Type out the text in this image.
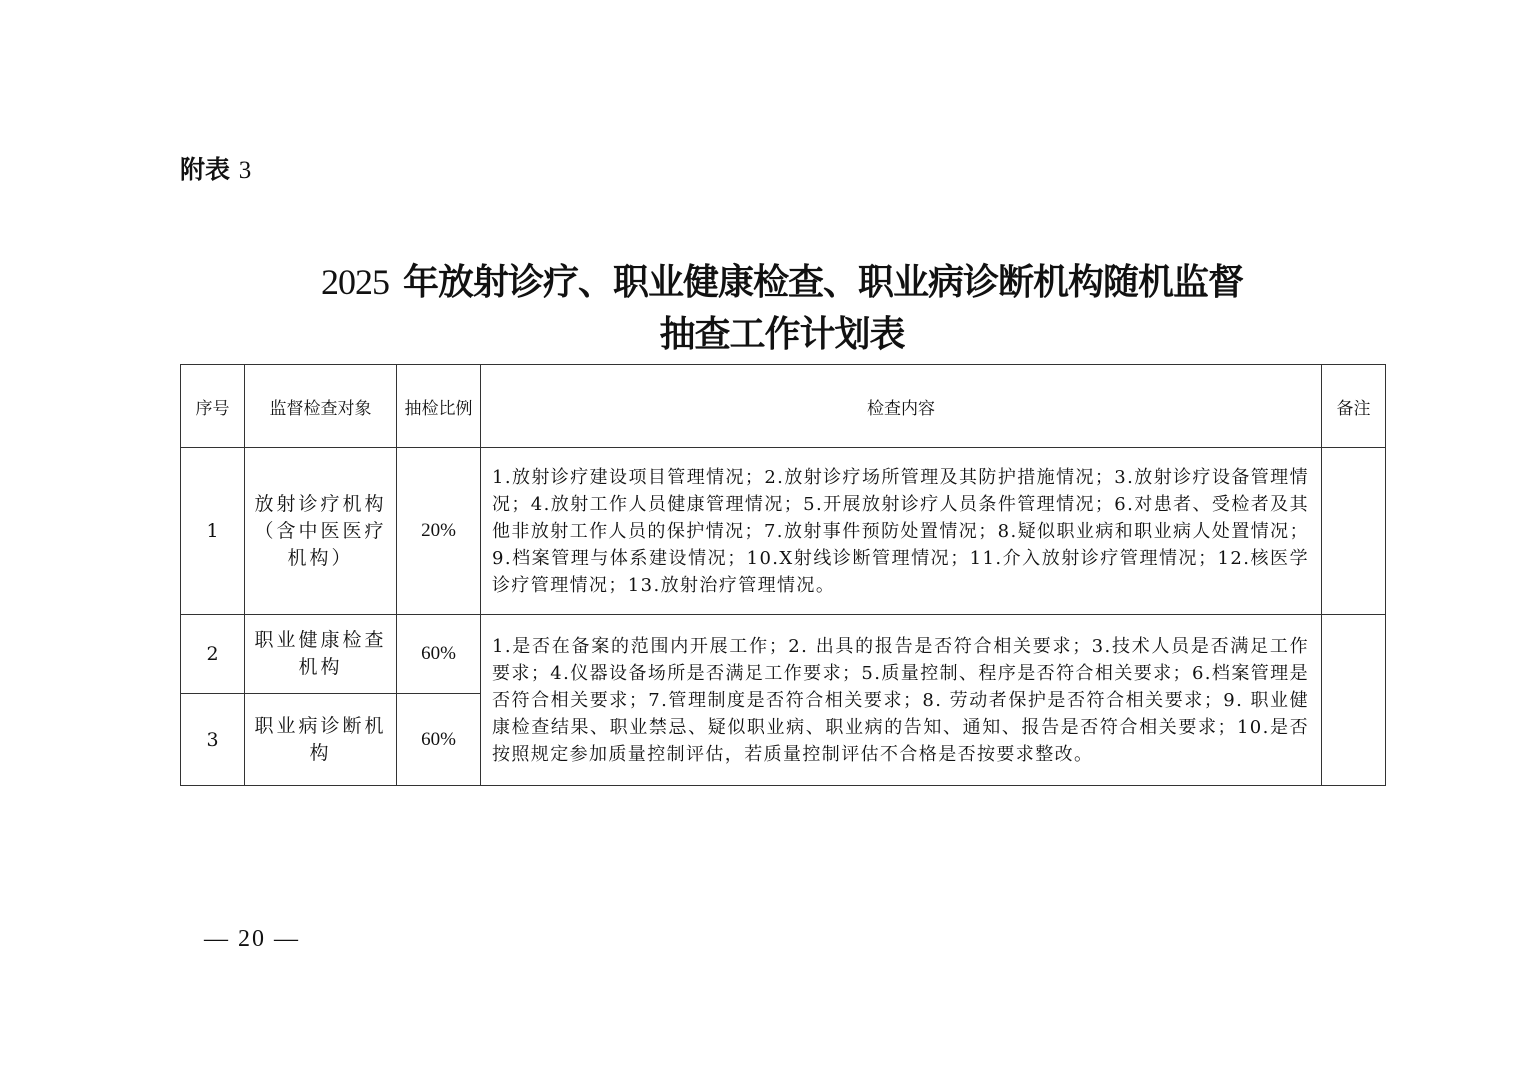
附表 3
2025 年放射诊疗、职业健康检查、职业病诊断机构随机监督
抽查工作计划表
序号	监督检查对象	抽检比例	检查内容	备注
1	放射诊疗机构（含中医医疗机构）	20%	1.放射诊疗建设项目管理情况；2.放射诊疗场所管理及其防护措施情况；3.放射诊疗设备管理情况；4.放射工作人员健康管理情况；5.开展放射诊疗人员条件管理情况；6.对患者、受检者及其他非放射工作人员的保护情况；7.放射事件预防处置情况；8.疑似职业病和职业病人处置情况；9.档案管理与体系建设情况；10.X射线诊断管理情况；11.介入放射诊疗管理情况；12.核医学诊疗管理情况；13.放射治疗管理情况。	
2	职业健康检查机构	60%	1.是否在备案的范围内开展工作；2. 出具的报告是否符合相关要求；3.技术人员是否满足工作要求；4.仪器设备场所是否满足工作要求；5.质量控制、程序是否符合相关要求；6.档案管理是否符合相关要求；7.管理制度是否符合相关要求；8. 劳动者保护是否符合相关要求；9. 职业健康检查结果、职业禁忌、疑似职业病、职业病的告知、通知、报告是否符合相关要求；10.是否按照规定参加质量控制评估，若质量控制评估不合格是否按要求整改。	
3	职业病诊断机构	60%		
— 20 —
